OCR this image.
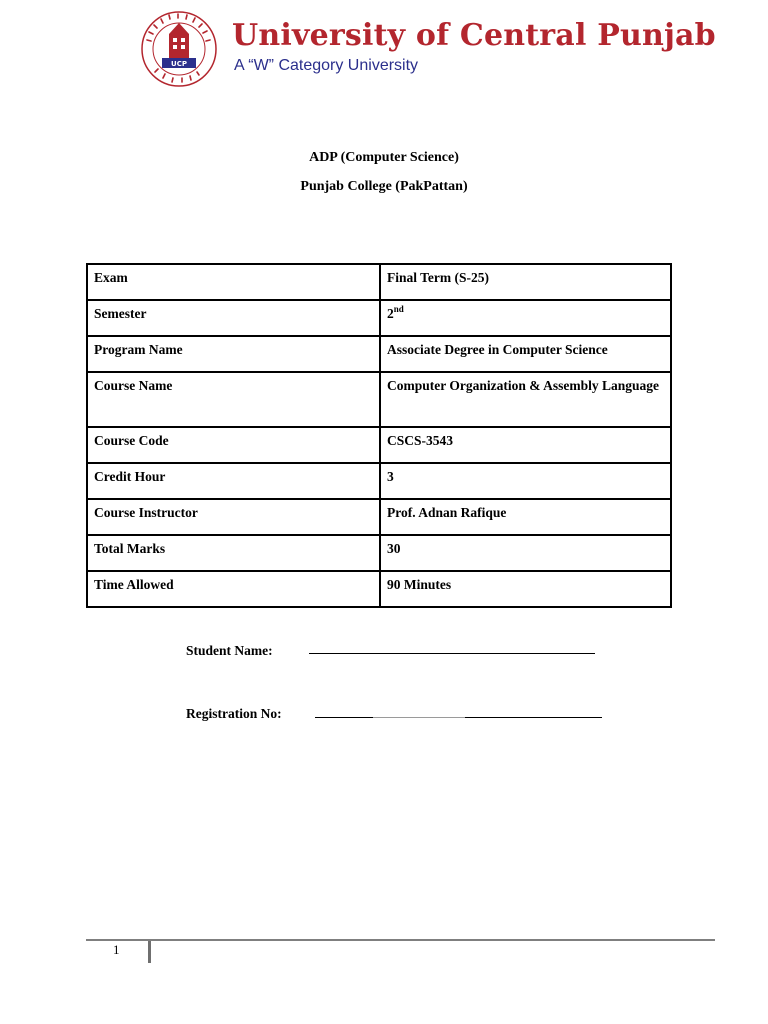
UCP
University of Central Punjab
A “W” Category University
ADP (Computer Science)
Punjab College (PakPattan)
Exam	Final Term (S-25)
Semester	2nd
Program Name	Associate Degree in Computer Science
Course Name	Computer Organization & Assembly Language
Course Code	CSCS-3543
Credit Hour	3
Course Instructor	Prof. Adnan Rafique
Total Marks	30
Time Allowed	90 Minutes
Student Name:
Registration No:
1
